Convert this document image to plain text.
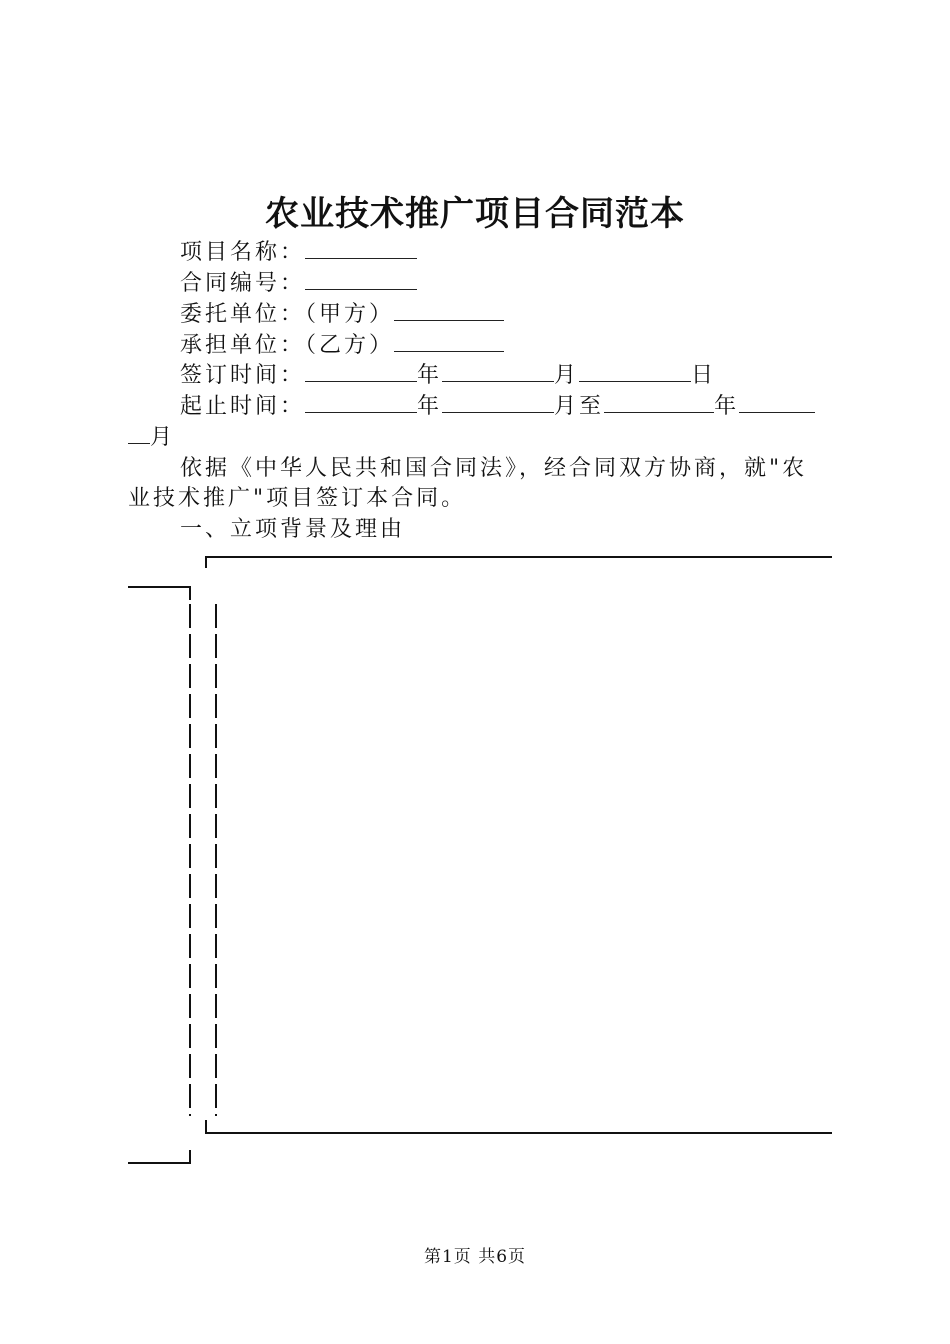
农业技术推广项目合同范本
项目名称：
合同编号：
委托单位：（甲方）
承担单位：（乙方）
签订时间：	年	月	日
起止时间：	年	月至	年
月
依据《中华人民共和国合同法》，经合同双方协商，就"农业技术推广"项目签订本合同。
一、立项背景及理由
第1页 共6页
